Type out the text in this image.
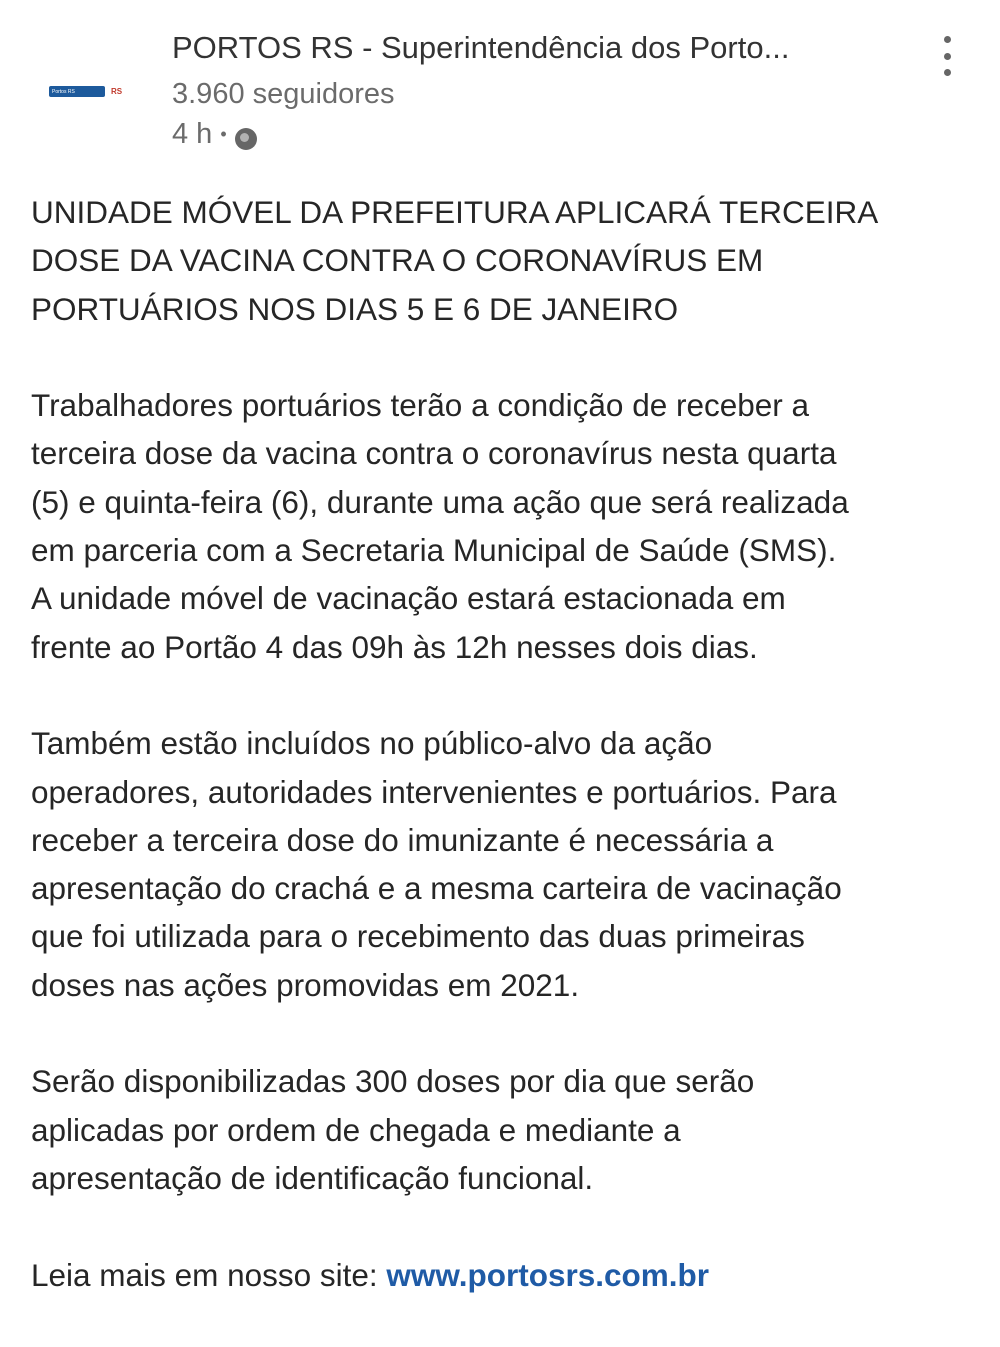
Portos RS	RS
PORTOS RS - Superintendência dos Porto...
3.960 seguidores
4 h •

UNIDADE MÓVEL DA PREFEITURA APLICARÁ TERCEIRA
DOSE DA VACINA CONTRA O CORONAVÍRUS EM
PORTUÁRIOS NOS DIAS 5 E 6 DE JANEIRO

Trabalhadores portuários terão a condição de receber a
terceira dose da vacina contra o coronavírus nesta quarta
(5) e quinta-feira (6), durante uma ação que será realizada
em parceria com a Secretaria Municipal de Saúde (SMS).
A unidade móvel de vacinação estará estacionada em
frente ao Portão 4 das 09h às 12h nesses dois dias.

Também estão incluídos no público-alvo da ação
operadores, autoridades intervenientes e portuários. Para
receber a terceira dose do imunizante é necessária a
apresentação do crachá e a mesma carteira de vacinação
que foi utilizada para o recebimento das duas primeiras
doses nas ações promovidas em 2021.

Serão disponibilizadas 300 doses por dia que serão
aplicadas por ordem de chegada e mediante a
apresentação de identificação funcional.

Leia mais em nosso site: www.portosrs.com.br
